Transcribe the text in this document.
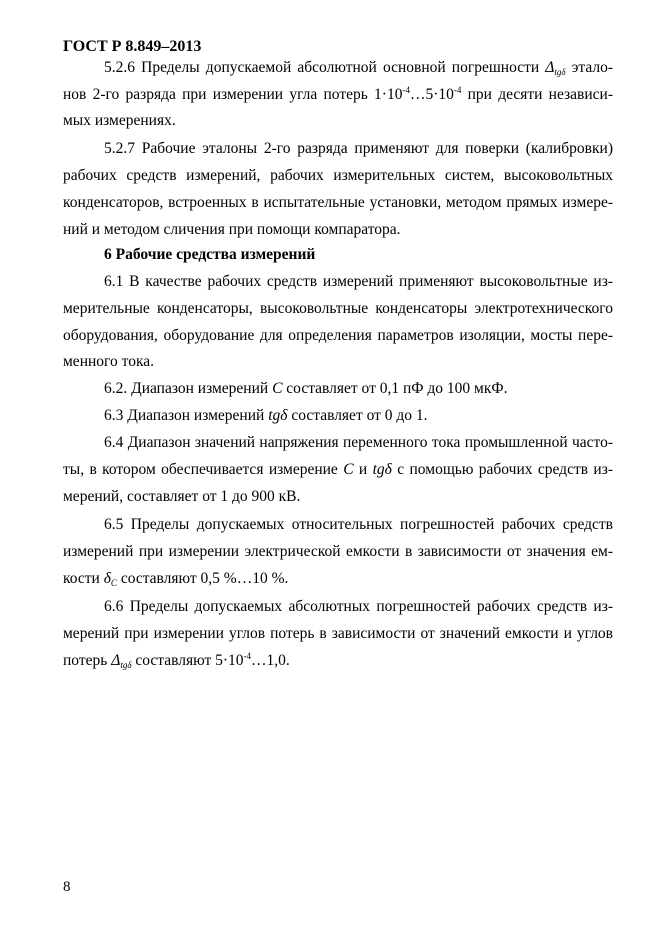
ГОСТ Р 8.849–2013
5.2.6 Пределы допускаемой абсолютной основной погрешности $\Delta_{tg\delta}$ этало-
нов 2-го разряда при измерении угла потерь $1\cdot 10^{-4}\dots 5\cdot 10^{-4}$ при десяти независи-
мых измерениях.
5.2.7 Рабочие эталоны 2-го разряда применяют для поверки (калибровки)
рабочих средств измерений, рабочих измерительных систем, высоковольтных
конденсаторов, встроенных в испытательные установки, методом прямых измере-
ний и методом сличения при помощи компаратора.
6 Рабочие средства измерений
6.1 В качестве рабочих средств измерений применяют высоковольтные из-
мерительные конденсаторы, высоковольтные конденсаторы электротехнического
оборудования, оборудование для определения параметров изоляции, мосты пере-
менного тока.
6.2. Диапазон измерений C составляет от 0,1 пФ до 100 мкФ.
6.3 Диапазон измерений tgδ составляет от 0 до 1.
6.4 Диапазон значений напряжения переменного тока промышленной часто-
ты, в котором обеспечивается измерение C и tgδ с помощью рабочих средств из-
мерений, составляет от 1 до 900 кВ.
6.5 Пределы допускаемых относительных погрешностей рабочих средств
измерений при измерении электрической емкости в зависимости от значения ем-
кости $\delta_C$ составляют 0,5 %…10 %.
6.6 Пределы допускаемых абсолютных погрешностей рабочих средств из-
мерений при измерении углов потерь в зависимости от значений емкости и углов
потерь $\Delta_{tg\delta}$ составляют $5\cdot 10^{-4}\dots 1,0$.
8
